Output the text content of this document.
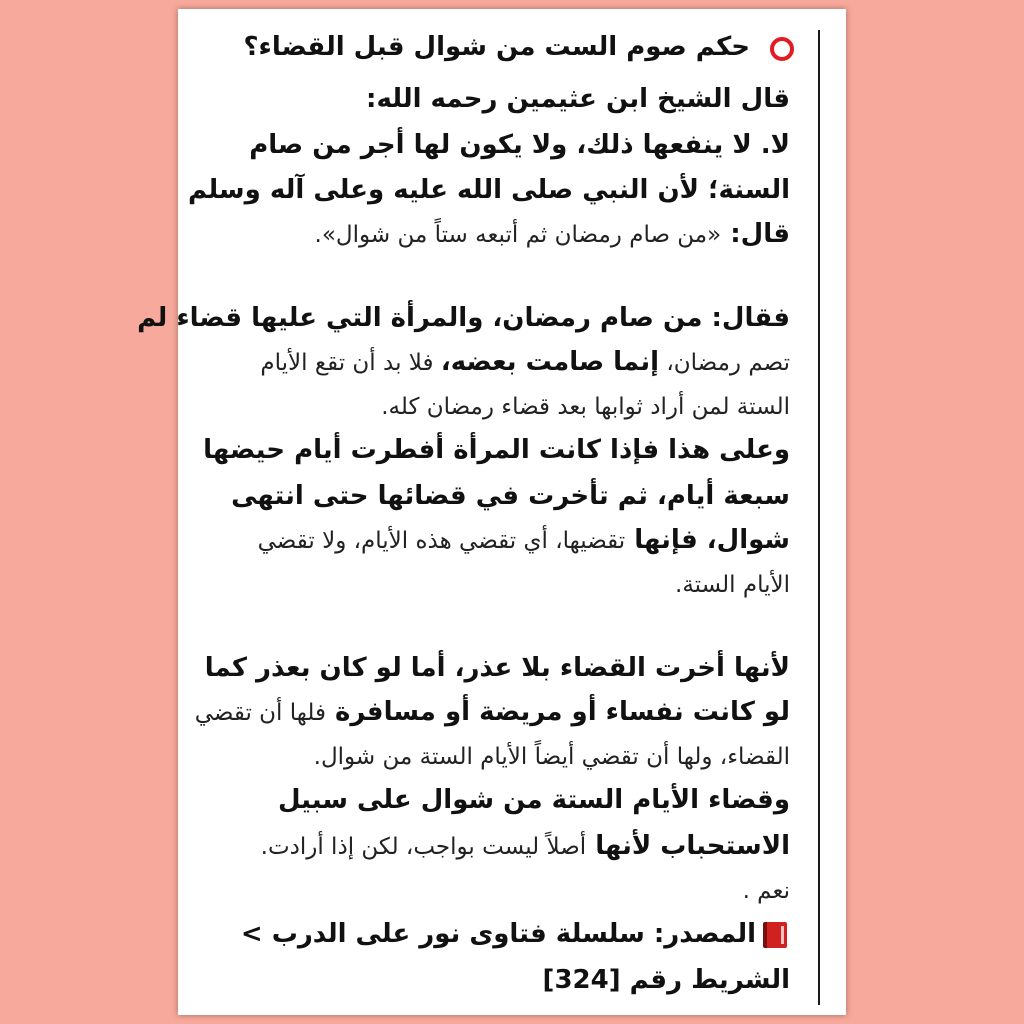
حكم صوم الست من شوال قبل القضاء؟
قال الشيخ ابن عثيمين رحمه الله:
لا. لا ينفعها ذلك، ولا يكون لها أجر من صام
السنة؛ لأن النبي صلى الله عليه وعلى آله وسلم
قال: «من صام رمضان ثم أتبعه ستاً من شوال».
فقال: من صام رمضان، والمرأة التي عليها قضاء لم
تصم رمضان، إنما صامت بعضه، فلا بد أن تقع الأيام
الستة لمن أراد ثوابها بعد قضاء رمضان كله.
وعلى هذا فإذا كانت المرأة أفطرت أيام حيضها
سبعة أيام، ثم تأخرت في قضائها حتى انتهى
شوال، فإنها تقضيها، أي تقضي هذه الأيام، ولا تقضي
الأيام الستة.
لأنها أخرت القضاء بلا عذر، أما لو كان بعذر كما
لو كانت نفساء أو مريضة أو مسافرة فلها أن تقضي
القضاء، ولها أن تقضي أيضاً الأيام الستة من شوال.
وقضاء الأيام الستة من شوال على سبيل
الاستحباب لأنها أصلاً ليست بواجب، لكن إذا أرادت.
نعم .
المصدر: سلسلة فتاوى نور على الدرب >
الشريط رقم [324]
